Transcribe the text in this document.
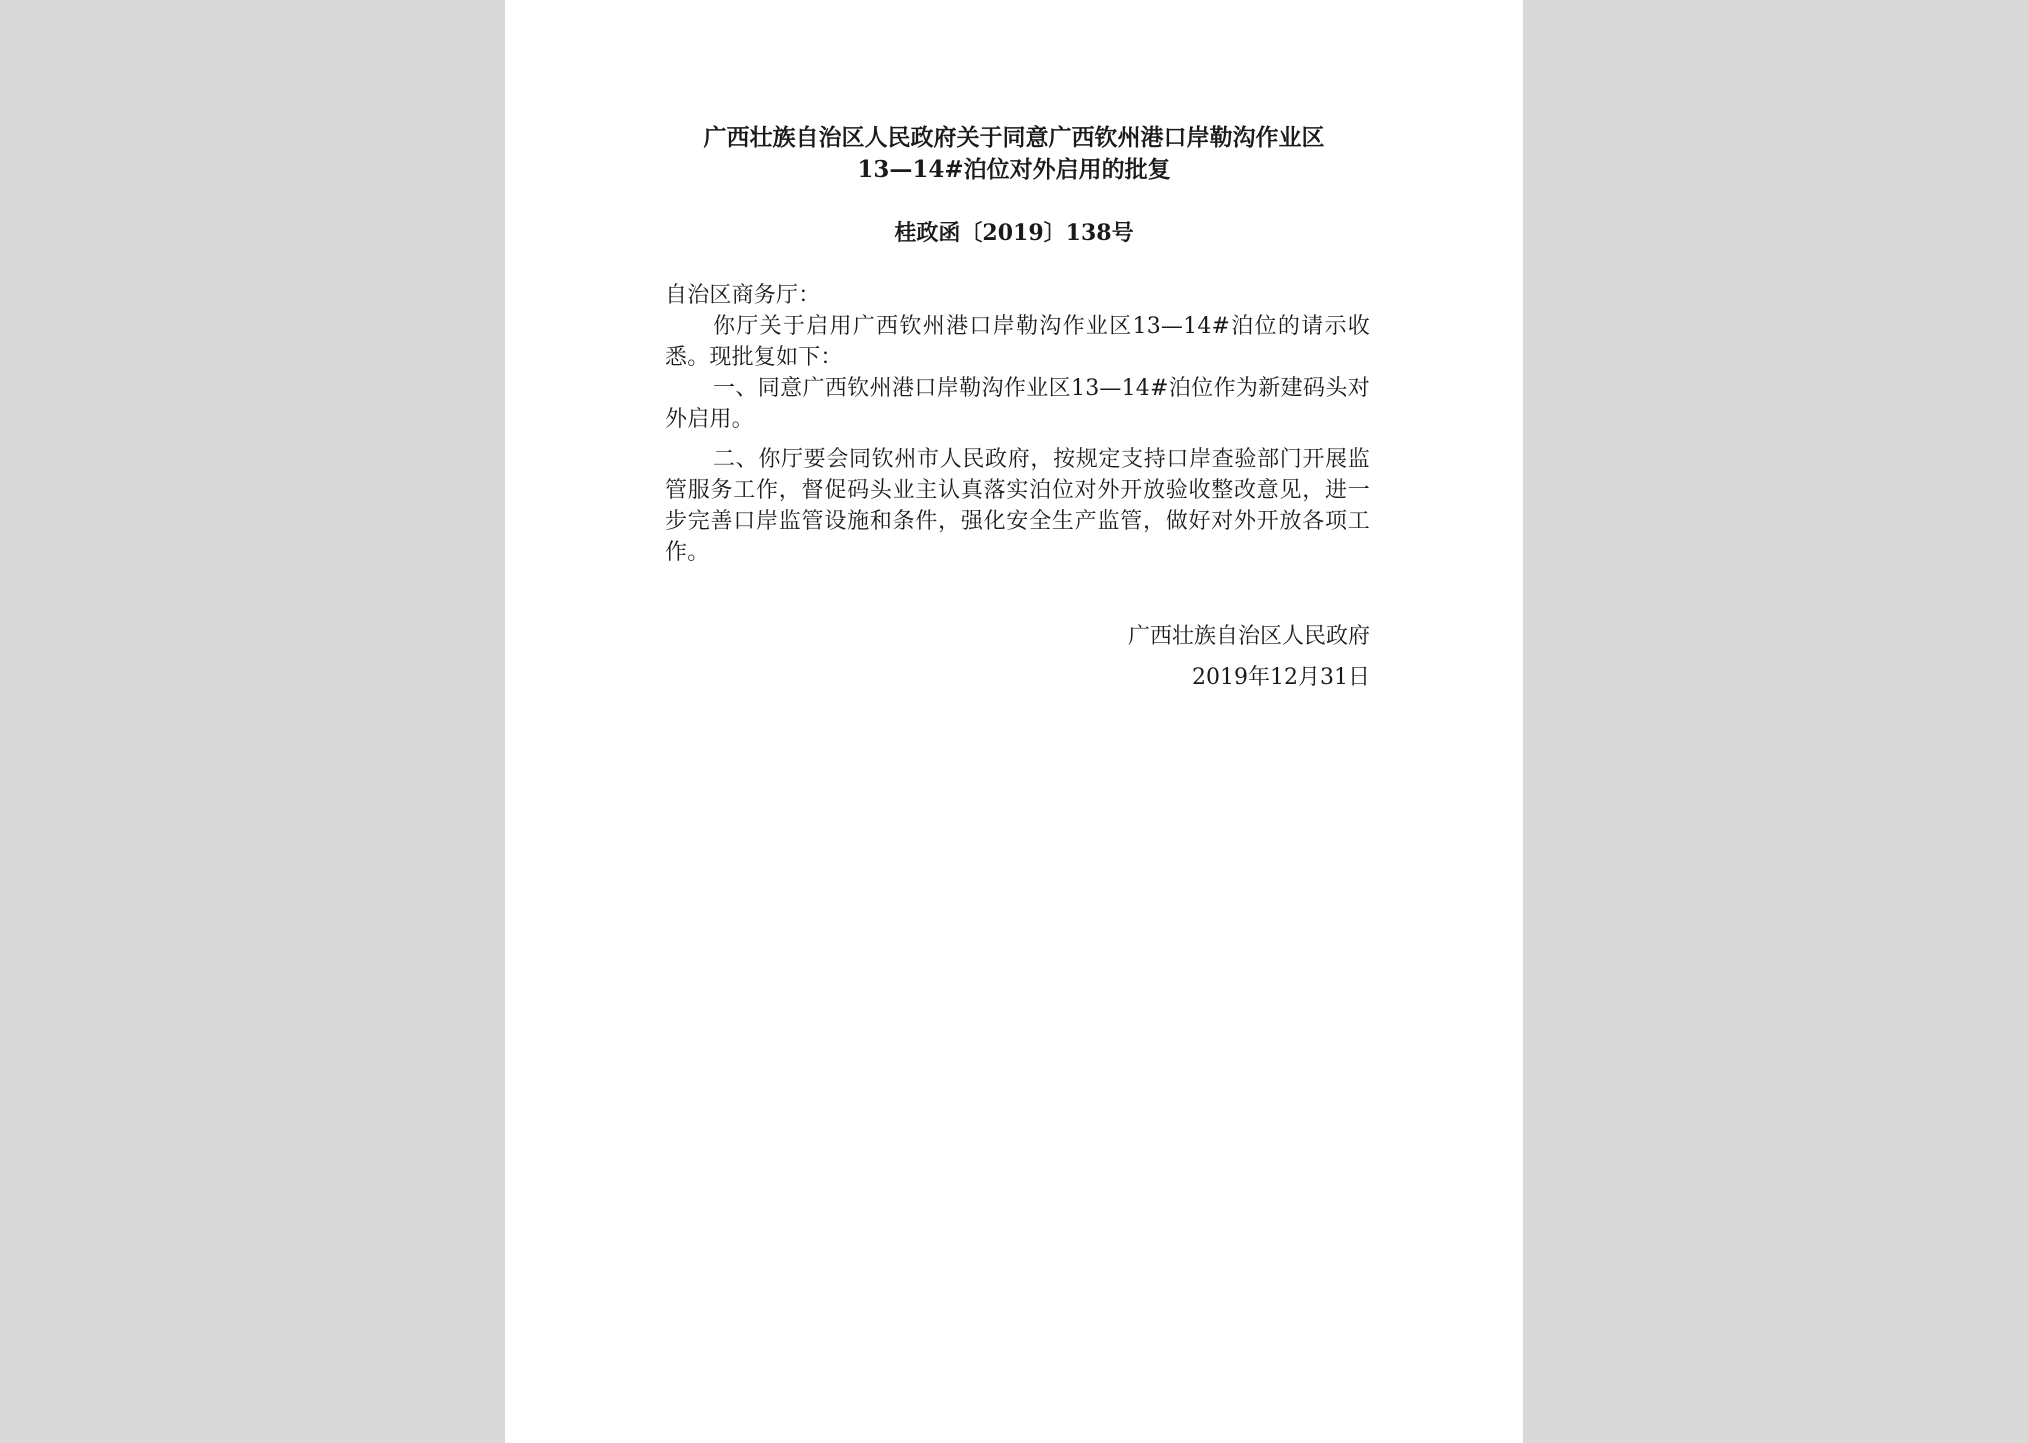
广西壮族自治区人民政府关于同意广西钦州港口岸勒沟作业区
13—14#泊位对外启用的批复

桂政函〔2019〕138号

自治区商务厅：

你厅关于启用广西钦州港口岸勒沟作业区13—14#泊位的请示收悉。现批复如下：

一、同意广西钦州港口岸勒沟作业区13—14#泊位作为新建码头对外启用。

二、你厅要会同钦州市人民政府，按规定支持口岸查验部门开展监管服务工作，督促码头业主认真落实泊位对外开放验收整改意见，进一步完善口岸监管设施和条件，强化安全生产监管，做好对外开放各项工作。

广西壮族自治区人民政府

2019年12月31日
